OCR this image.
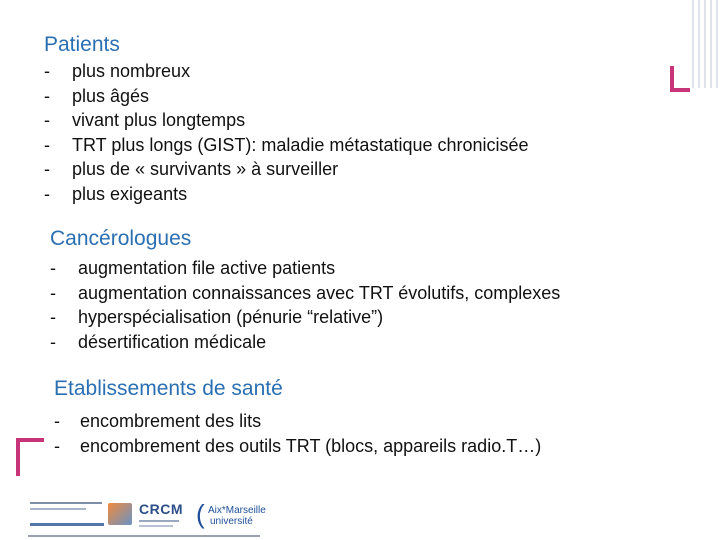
Patients
- plus nombreux
- plus âgés
- vivant plus longtemps
- TRT plus longs (GIST): maladie métastatique chronicisée
- plus de « survivants » à surveiller
- plus exigeants
Cancérologues
- augmentation file active patients
- augmentation connaissances avec TRT évolutifs, complexes
- hyperspécialisation (pénurie “relative”)
- désertification médicale
Etablissements de santé
- encombrement des lits
- encombrement des outils TRT (blocs, appareils radio.T…)
CRCM ( Aix*Marseille
université
